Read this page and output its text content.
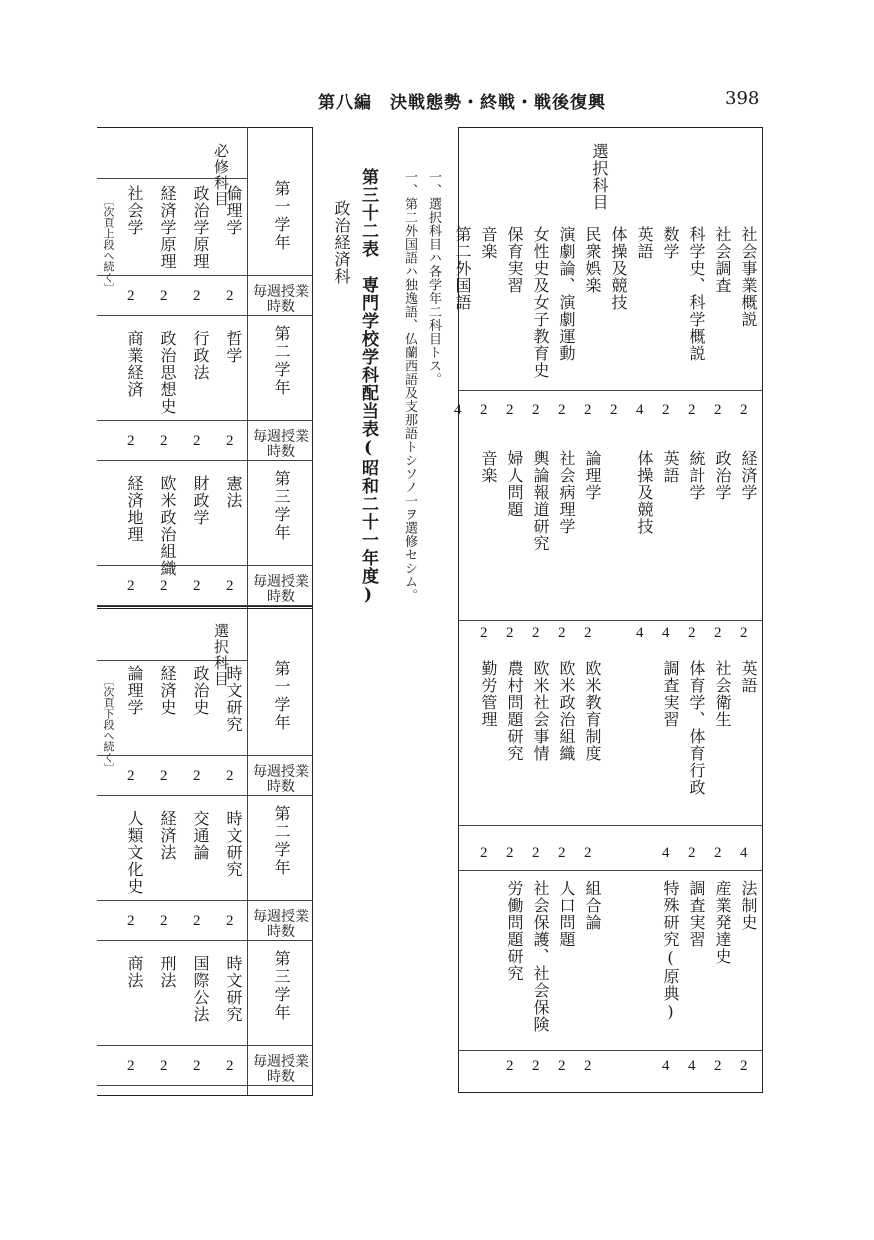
第八編　決戦態勢・終戦・戦後復興	398
選択科目
社会事業概説
社会調査
科学史、科学概説
数学
英語
体操及競技
民衆娯楽
演劇論、演劇運動
女性史及女子教育史
保育実習
音楽
第二外国語
2
2
2
2
4
2
2
2
2
2
2
4
経済学
政治学
統計学
英語
体操及競技
論理学
社会病理学
輿論報道研究
婦人問題
音楽
2
2
2
4
4
2
2
2
2
2
英語
社会衛生
体育学、体育行政
調査実習
欧米教育制度
欧米政治組織
欧米社会事情
農村問題研究
勤労管理
4
2
2
4
2
2
2
2
2
法制史
産業発達史
調査実習
特殊研究(原典)
組合論
人口問題
社会保護、社会保険
労働問題研究
2
2
4
4
2
2
2
2
一、選択科目ハ各学年二科目トス。
一、第二外国語ハ独逸語、仏蘭西語及支那語トシソノ一ヲ選修セシム。
第三十二表　専門学校学科配当表(昭和二十一年度)
政治経済科
第一学年
毎週授業時数
第二学年
毎週授業時数
第三学年
毎週授業時数
必修科目
倫理学
政治学原理
経済学原理
社会学
2
2
2
2
哲学
行政法
政治思想史
商業経済
2
2
2
2
憲法
財政学
欧米政治組織
経済地理
2
2
2
2
〔次頁上段へ続く〕
第一学年
毎週授業時数
第二学年
毎週授業時数
第三学年
毎週授業時数
選択科目
時文研究
政治史
経済史
論理学
2
2
2
2
時文研究
交通論
経済法
人類文化史
2
2
2
2
時文研究
国際公法
刑法
商法
2
2
2
2
〔次頁下段へ続く〕
